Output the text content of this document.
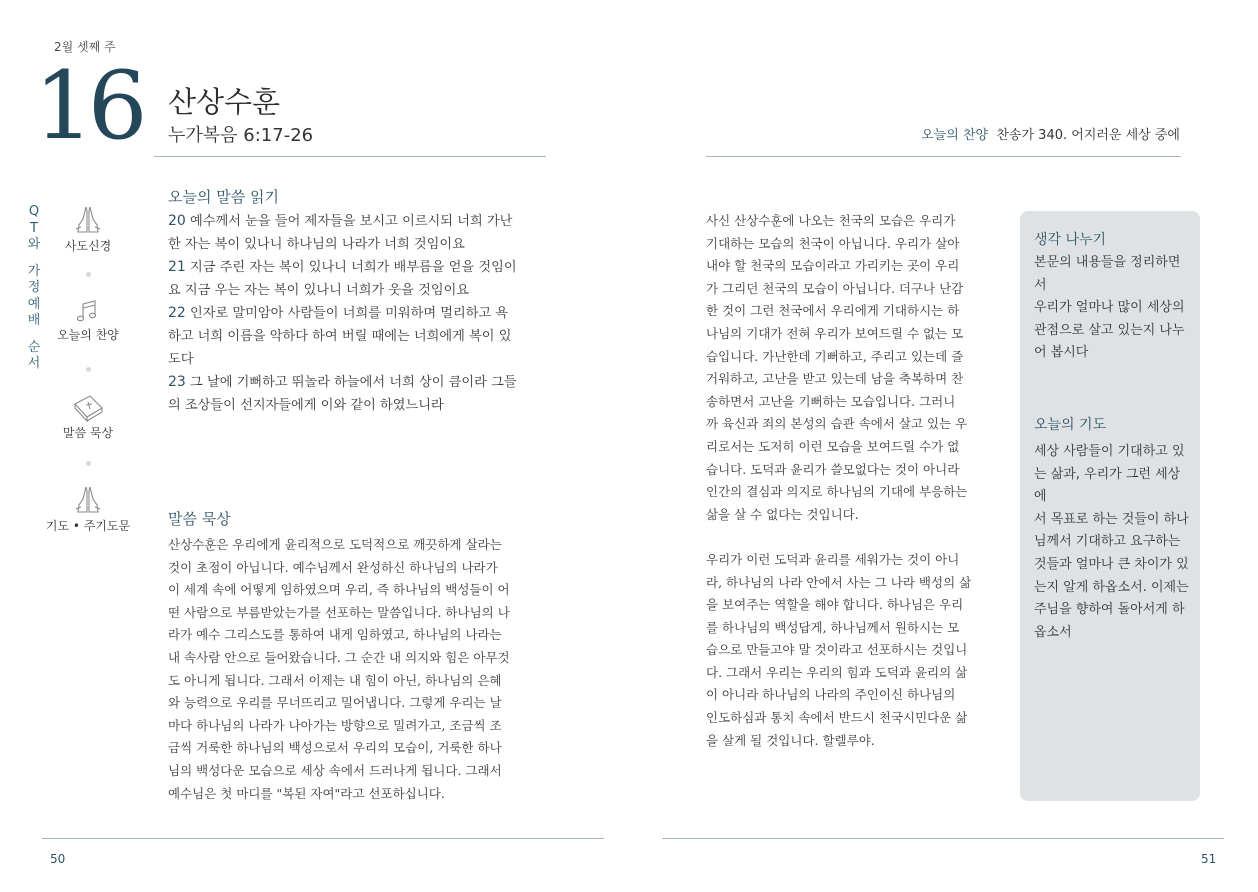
2월 셋째 주
16 산상수훈
누가복음 6:17-26	오늘의 찬양 찬송가 340. 어지러운 세상 중에
Q
T
와
가
정
예
배
순
서
사도신경
오늘의 찬양
말씀 묵상
기도 • 주기도문
오늘의 말씀 읽기
20 예수께서 눈을 들어 제자들을 보시고 이르시되 너희 가난
한 자는 복이 있나니 하나님의 나라가 너희 것임이요
21 지금 주린 자는 복이 있나니 너희가 배부름을 얻을 것임이
요 지금 우는 자는 복이 있나니 너희가 웃을 것임이요
22 인자로 말미암아 사람들이 너희를 미워하며 멀리하고 욕
하고 너희 이름을 악하다 하여 버릴 때에는 너희에게 복이 있
도다
23 그 날에 기뻐하고 뛰놀라 하늘에서 너희 상이 큼이라 그들
의 조상들이 선지자들에게 이와 같이 하였느니라
말씀 묵상

산상수훈은 우리에게 윤리적으로 도덕적으로 깨끗하게 살라는

것이 초점이 아닙니다. 예수님께서 완성하신 하나님의 나라가

이 세계 속에 어떻게 임하였으며 우리, 즉 하나님의 백성들이 어

떤 사람으로 부름받았는가를 선포하는 말씀입니다. 하나님의 나

라가 예수 그리스도를 통하여 내게 임하였고, 하나님의 나라는

내 속사람 안으로 들어왔습니다. 그 순간 내 의지와 힘은 아무것

도 아니게 됩니다. 그래서 이제는 내 힘이 아닌, 하나님의 은혜

와 능력으로 우리를 무너뜨리고 밀어냅니다. 그렇게 우리는 날

마다 하나님의 나라가 나아가는 방향으로 밀려가고, 조금씩 조

금씩 거룩한 하나님의 백성으로서 우리의 모습이, 거룩한 하나

님의 백성다운 모습으로 세상 속에서 드러나게 됩니다. 그래서

예수님은 첫 마디를 "복된 자여"라고 선포하십니다.

사신 산상수훈에 나오는 천국의 모습은 우리가

기대하는 모습의 천국이 아닙니다. 우리가 살아

내야 할 천국의 모습이라고 가리키는 곳이 우리

가 그리던 천국의 모습이 아닙니다. 더구나 난감

한 것이 그런 천국에서 우리에게 기대하시는 하

나님의 기대가 전혀 우리가 보여드릴 수 없는 모

습입니다. 가난한데 기뻐하고, 주리고 있는데 즐

거워하고, 고난을 받고 있는데 남을 축복하며 찬

송하면서 고난을 기뻐하는 모습입니다. 그러니

까 육신과 죄의 본성의 습관 속에서 살고 있는 우

리로서는 도저히 이런 모습을 보여드릴 수가 없

습니다. 도덕과 윤리가 쓸모없다는 것이 아니라

인간의 결심과 의지로 하나님의 기대에 부응하는

삶을 살 수 없다는 것입니다.

우리가 이런 도덕과 윤리를 세워가는 것이 아니

라, 하나님의 나라 안에서 사는 그 나라 백성의 삶

을 보여주는 역할을 해야 합니다. 하나님은 우리

를 하나님의 백성답게, 하나님께서 원하시는 모

습으로 만들고야 말 것이라고 선포하시는 것입니

다. 그래서 우리는 우리의 힘과 도덕과 윤리의 삶

이 아니라 하나님의 나라의 주인이신 하나님의

인도하심과 통치 속에서 반드시 천국시민다운 삶

을 살게 될 것입니다. 할렐루야.

생각 나누기
본문의 내용들을 정리하면서
우리가 얼마나 많이 세상의
관점으로 살고 있는지 나누
어 봅시다
오늘의 기도
세상 사람들이 기대하고 있
는 삶과, 우리가 그런 세상에
서 목표로 하는 것들이 하나
님께서 기대하고 요구하는
것들과 얼마나 큰 차이가 있
는지 알게 하옵소서. 이제는
주님을 향하여 돌아서게 하
옵소서
50	51
